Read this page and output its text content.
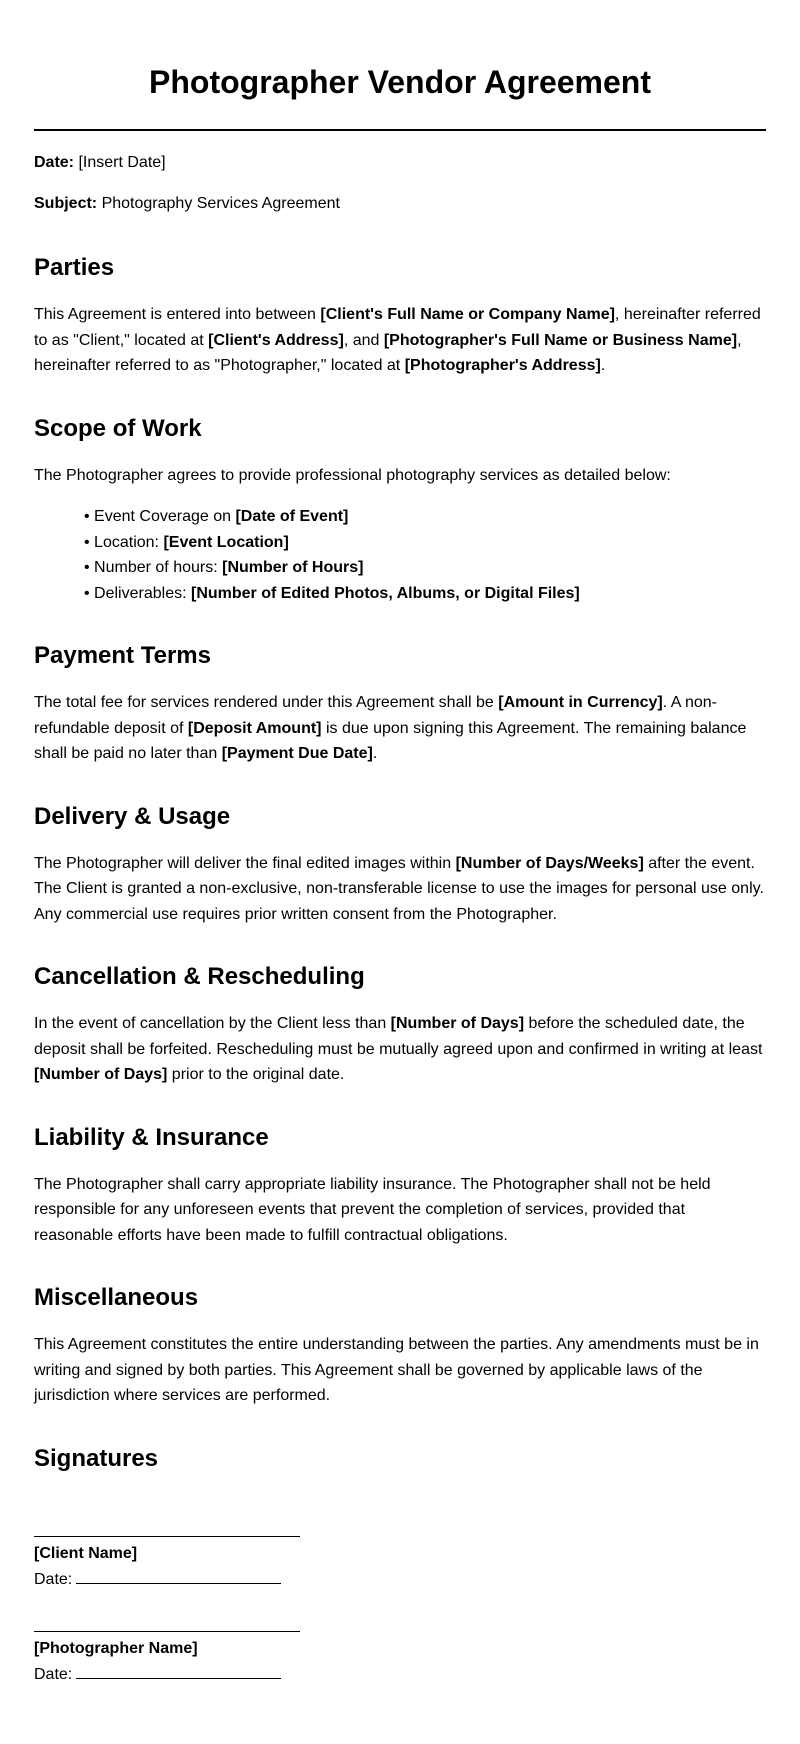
Photographer Vendor Agreement

Date: [Insert Date]

Subject: Photography Services Agreement

Parties

This Agreement is entered into between [Client's Full Name or Company Name], hereinafter referred to as "Client," located at [Client's Address], and [Photographer's Full Name or Business Name], hereinafter referred to as "Photographer," located at [Photographer's Address].

Scope of Work

The Photographer agrees to provide professional photography services as detailed below:

• Event Coverage on [Date of Event]
• Location: [Event Location]
• Number of hours: [Number of Hours]
• Deliverables: [Number of Edited Photos, Albums, or Digital Files]
Payment Terms

The total fee for services rendered under this Agreement shall be [Amount in Currency]. A non-refundable deposit of [Deposit Amount] is due upon signing this Agreement. The remaining balance shall be paid no later than [Payment Due Date].

Delivery & Usage

The Photographer will deliver the final edited images within [Number of Days/Weeks] after the event. The Client is granted a non-exclusive, non-transferable license to use the images for personal use only. Any commercial use requires prior written consent from the Photographer.

Cancellation & Rescheduling

In the event of cancellation by the Client less than [Number of Days] before the scheduled date, the deposit shall be forfeited. Rescheduling must be mutually agreed upon and confirmed in writing at least [Number of Days] prior to the original date.

Liability & Insurance

The Photographer shall carry appropriate liability insurance. The Photographer shall not be held responsible for any unforeseen events that prevent the completion of services, provided that reasonable efforts have been made to fulfill contractual obligations.

Miscellaneous

This Agreement constitutes the entire understanding between the parties. Any amendments must be in writing and signed by both parties. This Agreement shall be governed by applicable laws of the jurisdiction where services are performed.

Signatures
[Client Name]
Date:
[Photographer Name]
Date:
